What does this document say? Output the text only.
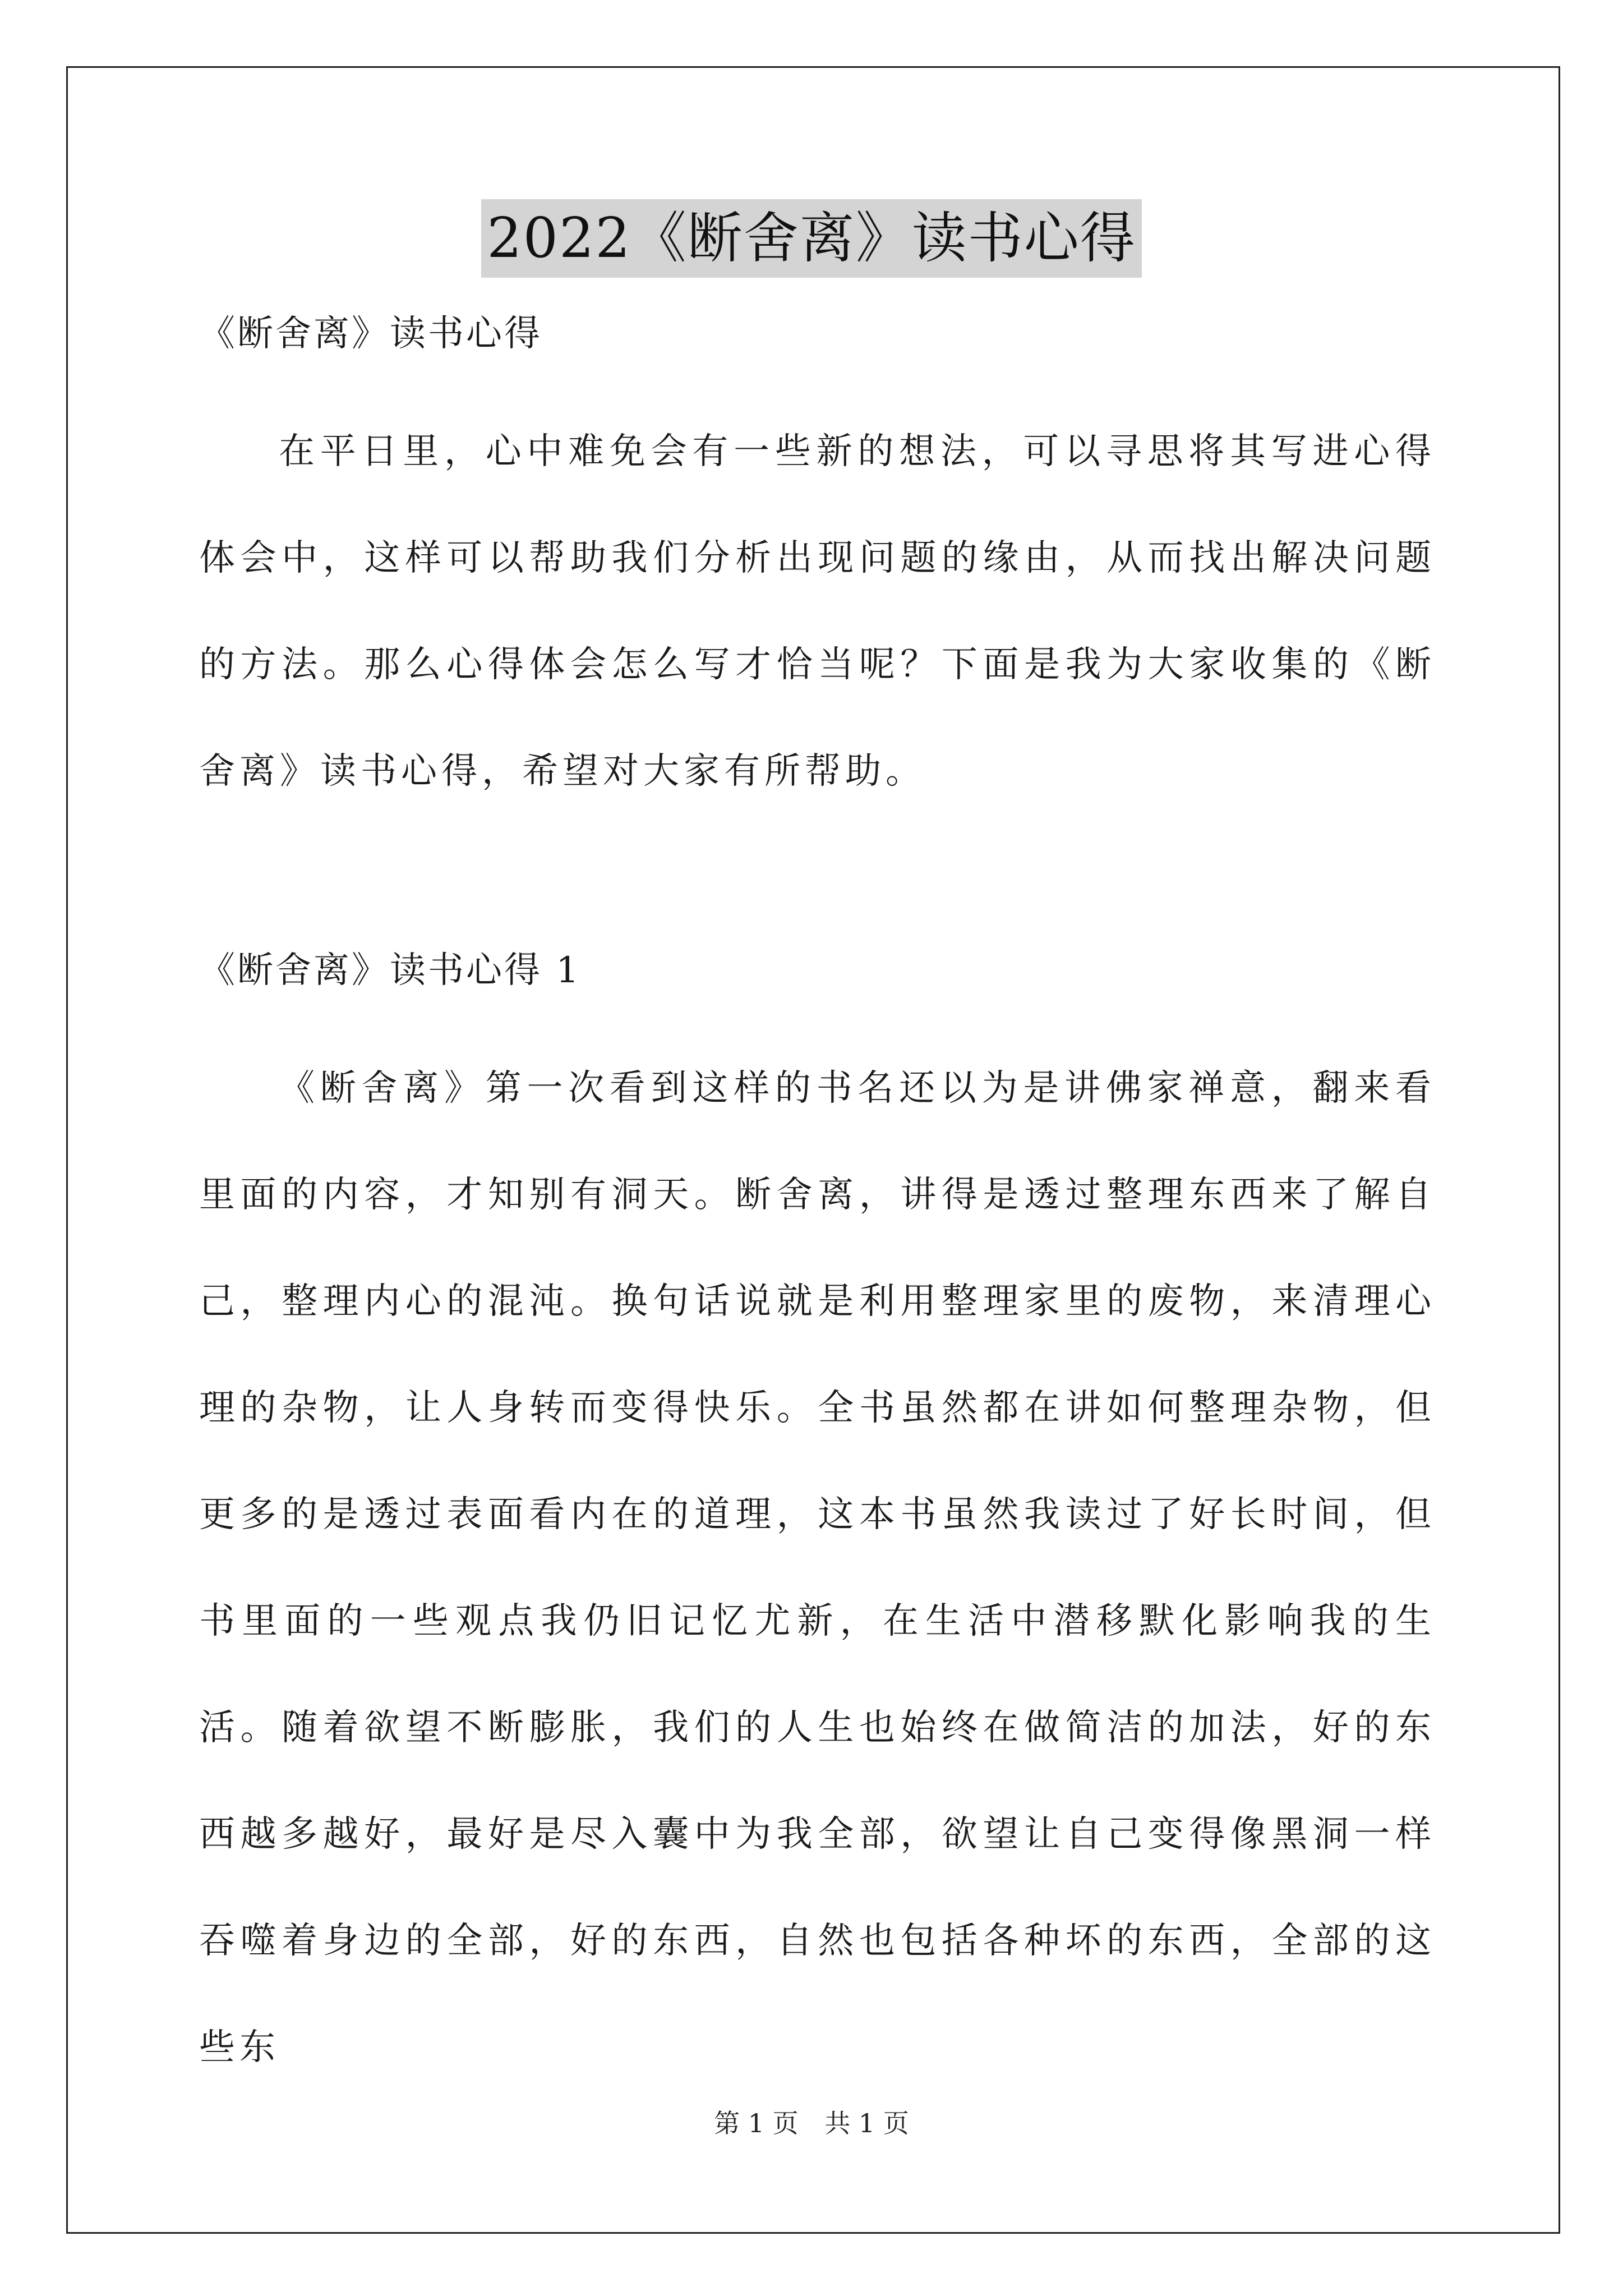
2022《断舍离》读书心得

《断舍离》读书心得

在平日里，心中难免会有一些新的想法，可以寻思将其写进心得体会中，这样可以帮助我们分析出现问题的缘由，从而找出解决问题的方法。那么心得体会怎么写才恰当呢？下面是我为大家收集的《断舍离》读书心得，希望对大家有所帮助。

《断舍离》读书心得 1

《断舍离》第一次看到这样的书名还以为是讲佛家禅意，翻来看里面的内容，才知别有洞天。断舍离，讲得是透过整理东西来了解自己，整理内心的混沌。换句话说就是利用整理家里的废物，来清理心理的杂物，让人身转而变得快乐。全书虽然都在讲如何整理杂物，但更多的是透过表面看内在的道理，这本书虽然我读过了好长时间，但书里面的一些观点我仍旧记忆尤新，在生活中潜移默化影响我的生活。随着欲望不断膨胀，我们的人生也始终在做简洁的加法，好的东西越多越好，最好是尽入囊中为我全部，欲望让自己变得像黑洞一样吞噬着身边的全部，好的东西，自然也包括各种坏的东西，全部的这些东

第 1 页 共 1 页
